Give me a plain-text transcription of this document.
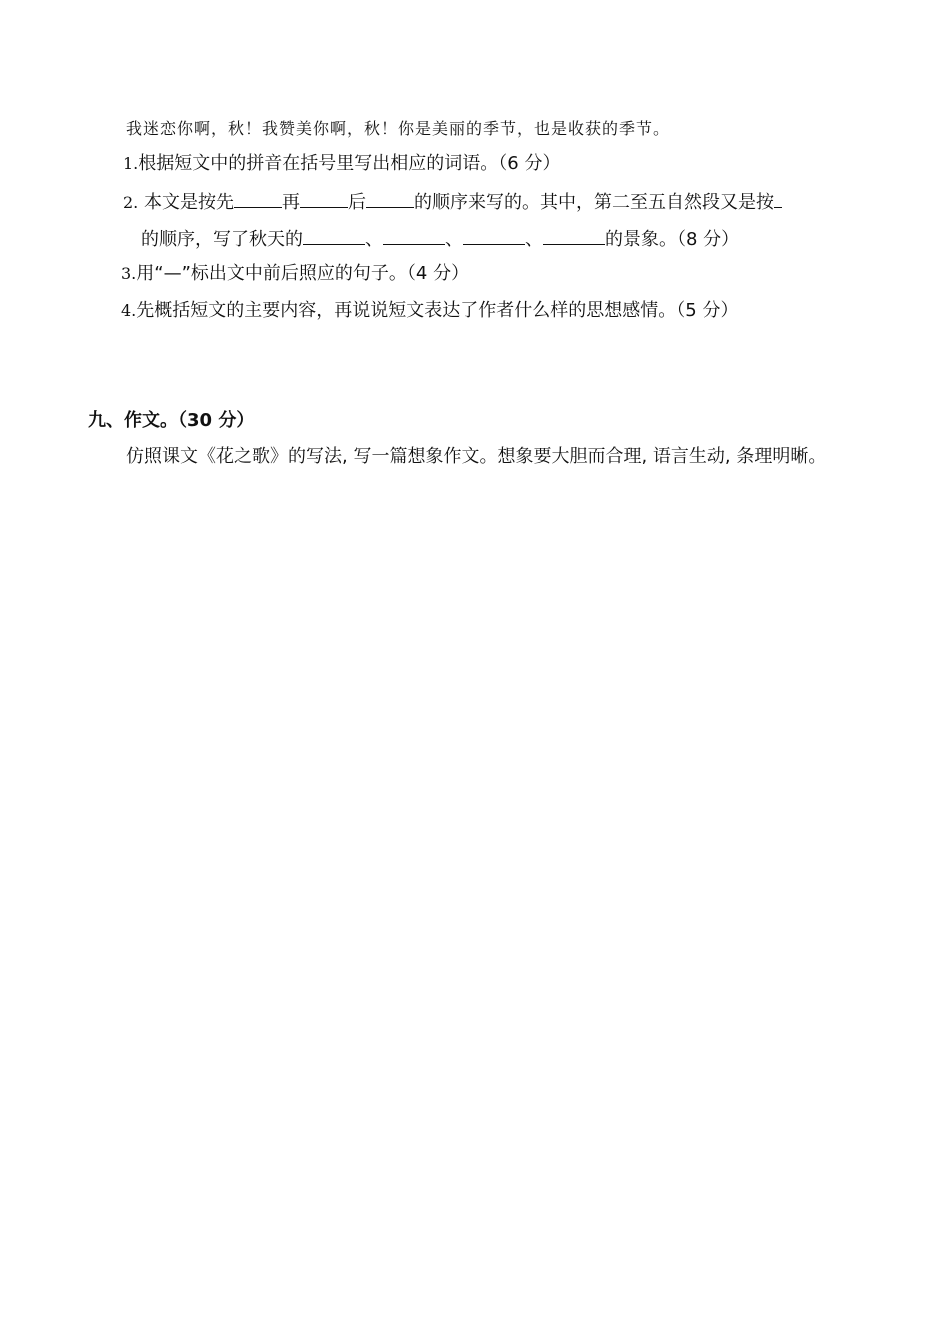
我迷恋你啊，秋！我赞美你啊，秋！你是美丽的季节，也是收获的季节。
1.根据短文中的拼音在括号里写出相应的词语。（6 分）
2. 本文是按先	再	后	的顺序来写的。其中，第二至五自然段又是按
的顺序，写了秋天的	、	、	、	的景象。（8 分）
3.用“—”标出文中前后照应的句子。（4 分）
4.先概括短文的主要内容，再说说短文表达了作者什么样的思想感情。（5 分）
九、作文。（30 分）
仿照课文《花之歌》的写法, 写一篇想象作文。想象要大胆而合理, 语言生动, 条理明晰。
